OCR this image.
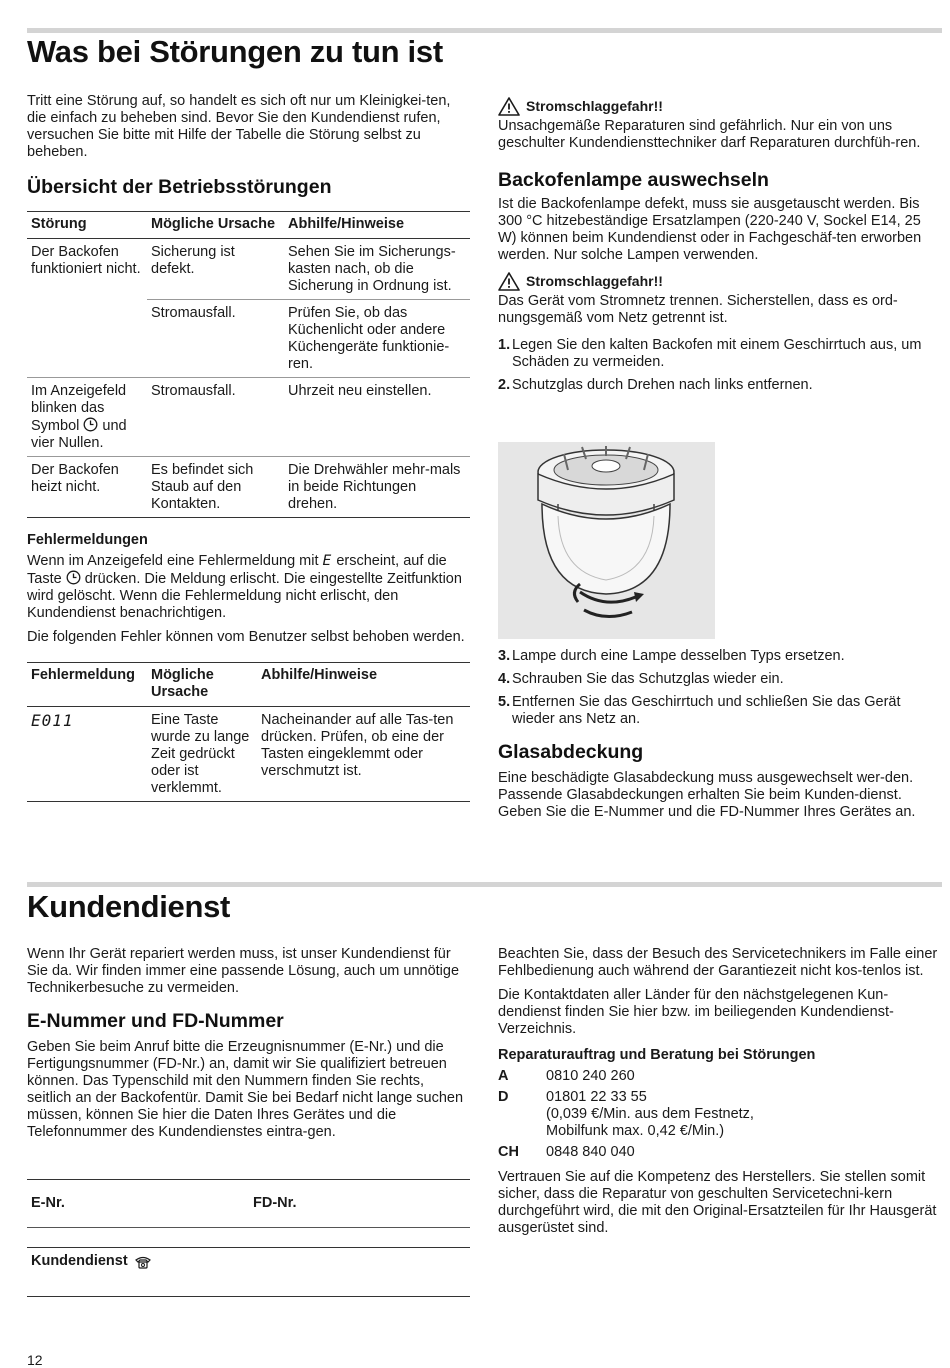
Was bei Störungen zu tun ist

Tritt eine Störung auf, so handelt es sich oft nur um Kleinigkei-ten, die einfach zu beheben sind. Bevor Sie den Kundendienst rufen, versuchen Sie bitte mit Hilfe der Tabelle die Störung selbst zu beheben.

Übersicht der Betriebsstörungen
Störung	Mögliche Ursache	Abhilfe/Hinweise
Der Backofen funktioniert nicht.	Sicherung ist defekt.	Sehen Sie im Sicherungs-kasten nach, ob die Sicherung in Ordnung ist.
	Stromausfall.	Prüfen Sie, ob das Küchenlicht oder andere Küchengeräte funktionie-ren.
Im Anzeigefeld blinken das Symbol und vier Nullen.	Stromausfall.	Uhrzeit neu einstellen.
Der Backofen heizt nicht.	Es befindet sich Staub auf den Kontakten.	Die Drehwähler mehr-mals in beide Richtungen drehen.
Fehlermeldungen

Wenn im Anzeigefeld eine Fehlermeldung mit E erscheint, auf die Taste drücken. Die Meldung erlischt. Die eingestellte Zeitfunktion wird gelöscht. Wenn die Fehlermeldung nicht erlischt, den Kundendienst benachrichtigen.

Die folgenden Fehler können vom Benutzer selbst behoben werden.

Fehlermeldung	Mögliche Ursache	Abhilfe/Hinweise
E011	Eine Taste wurde zu lange Zeit gedrückt oder ist verklemmt.	Nacheinander auf alle Tas-ten drücken. Prüfen, ob eine der Tasten eingeklemmt oder verschmutzt ist.
Stromschlaggefahr!!

Unsachgemäße Reparaturen sind gefährlich. Nur ein von uns geschulter Kundendiensttechniker darf Reparaturen durchfüh-ren.

Backofenlampe auswechseln

Ist die Backofenlampe defekt, muss sie ausgetauscht werden. Bis 300 °C hitzebeständige Ersatzlampen (220-240 V, Sockel E14, 25 W) können beim Kundendienst oder in Fachgeschäf-ten erworben werden. Nur solche Lampen verwenden.

Stromschlaggefahr!!

Das Gerät vom Stromnetz trennen. Sicherstellen, dass es ord-nungsgemäß vom Netz getrennt ist.

1. Legen Sie den kalten Backofen mit einem Geschirrtuch aus, um Schäden zu vermeiden.
2. Schutzglas durch Drehen nach links entfernen.
3. Lampe durch eine Lampe desselben Typs ersetzen.
4. Schrauben Sie das Schutzglas wieder ein.
5. Entfernen Sie das Geschirrtuch und schließen Sie das Gerät wieder ans Netz an.
Glasabdeckung

Eine beschädigte Glasabdeckung muss ausgewechselt wer-den. Passende Glasabdeckungen erhalten Sie beim Kunden-dienst. Geben Sie die E-Nummer und die FD-Nummer Ihres Gerätes an.

Kundendienst

Wenn Ihr Gerät repariert werden muss, ist unser Kundendienst für Sie da. Wir finden immer eine passende Lösung, auch um unnötige Technikerbesuche zu vermeiden.

E-Nummer und FD-Nummer

Geben Sie beim Anruf bitte die Erzeugnisnummer (E-Nr.) und die Fertigungsnummer (FD-Nr.) an, damit wir Sie qualifiziert betreuen können. Das Typenschild mit den Nummern finden Sie rechts, seitlich an der Backofentür. Damit Sie bei Bedarf nicht lange suchen müssen, können Sie hier die Daten Ihres Gerätes und die Telefonnummer des Kundendienstes eintra-gen.

E-Nr.	FD-Nr.
Kundendienst

Beachten Sie, dass der Besuch des Servicetechnikers im Falle einer Fehlbedienung auch während der Garantiezeit nicht kos-tenlos ist.

Die Kontaktdaten aller Länder für den nächstgelegenen Kun-dendienst finden Sie hier bzw. im beiliegenden Kundendienst-Verzeichnis.

Reparaturauftrag und Beratung bei Störungen
A	0810 240 260
D	01801 22 33 55
(0,039 €/Min. aus dem Festnetz,
Mobilfunk max. 0,42 €/Min.)
CH	0848 840 040

Vertrauen Sie auf die Kompetenz des Herstellers. Sie stellen somit sicher, dass die Reparatur von geschulten Servicetechni-kern durchgeführt wird, die mit den Original-Ersatzteilen für Ihr Hausgerät ausgerüstet sind.

12
